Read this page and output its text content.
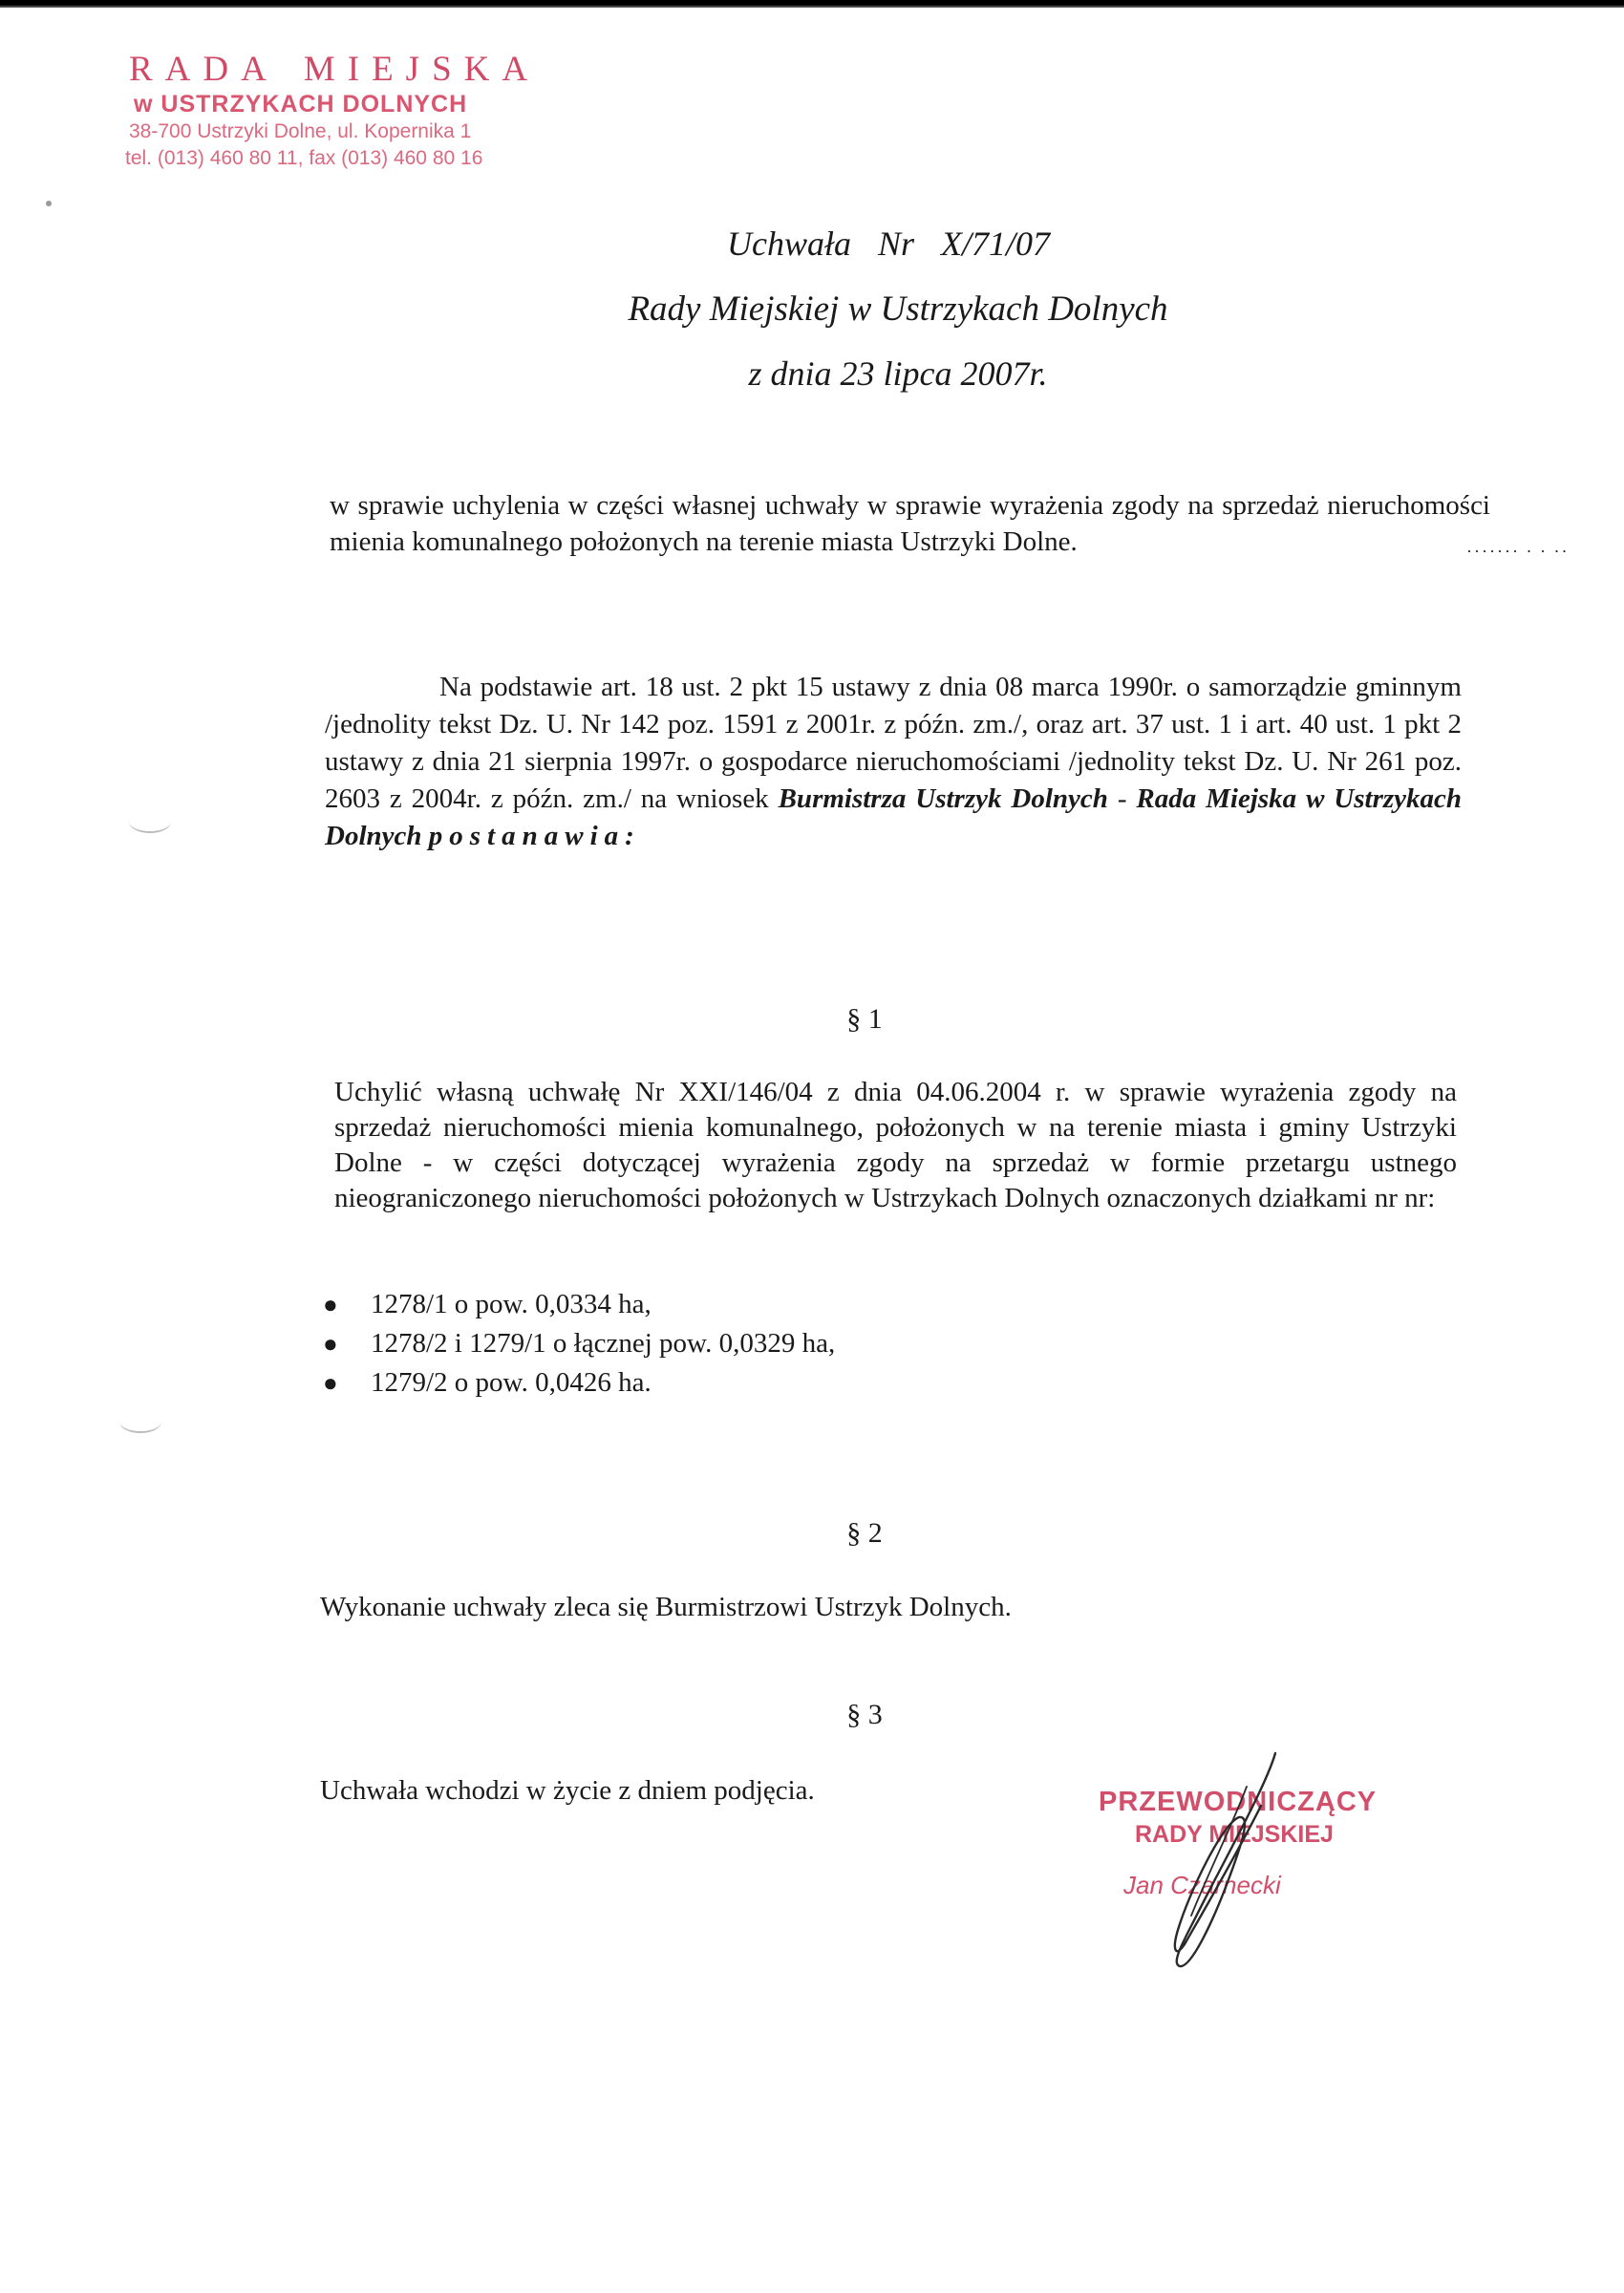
RADA MIEJSKA
w USTRZYKACH DOLNYCH
38-700 Ustrzyki Dolne, ul. Kopernika 1
tel. (013) 460 80 11, fax (013) 460 80 16
Uchwała Nr X/71/07
Rady Miejskiej w Ustrzykach Dolnych
z dnia 23 lipca 2007r.
w sprawie uchylenia w części własnej uchwały w sprawie wyrażenia zgody na sprzedaż nieruchomości mienia komunalnego położonych na terenie miasta Ustrzyki Dolne.	······· · · ··
Na podstawie art. 18 ust. 2 pkt 15 ustawy z dnia 08 marca 1990r. o samorządzie gminnym /jednolity tekst Dz. U. Nr 142 poz. 1591 z 2001r. z późn. zm./, oraz art. 37 ust. 1 i art. 40 ust. 1 pkt 2 ustawy z dnia 21 sierpnia 1997r. o gospodarce nieruchomościami /jednolity tekst Dz. U. Nr 261 poz. 2603 z 2004r. z późn. zm./ na wniosek Burmistrza Ustrzyk Dolnych - Rada Miejska w Ustrzykach Dolnych postanawia:
§ 1
Uchylić własną uchwałę Nr XXI/146/04 z dnia 04.06.2004 r. w sprawie wyrażenia zgody na sprzedaż nieruchomości mienia komunalnego, położonych w na terenie miasta i gminy Ustrzyki Dolne - w części dotyczącej wyrażenia zgody na sprzedaż w formie przetargu ustnego nieograniczonego nieruchomości położonych w Ustrzykach Dolnych oznaczonych działkami nr nr:
● 1278/1 o pow. 0,0334 ha,
● 1278/2 i 1279/1 o łącznej pow. 0,0329 ha,
● 1279/2 o pow. 0,0426 ha.
§ 2
Wykonanie uchwały zleca się Burmistrzowi Ustrzyk Dolnych.
§ 3
Uchwała wchodzi w życie z dniem podjęcia.	PRZEWODNICZĄCY
RADY MIEJSKIEJ
Jan Czarnecki
